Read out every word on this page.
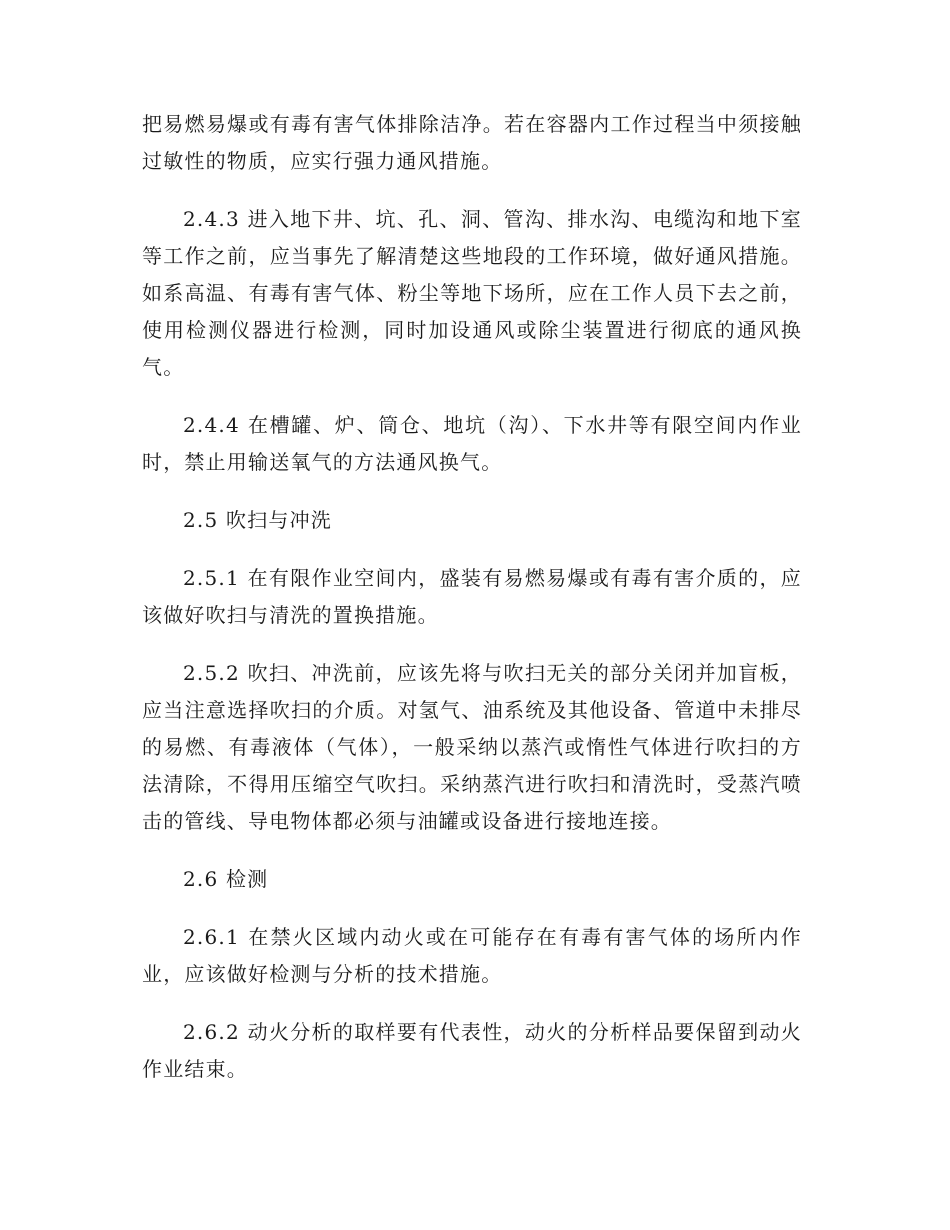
把易燃易爆或有毒有害气体排除洁净。若在容器内工作过程当中须接触过敏性的物质，应实行强力通风措施。

2.4.3 进入地下井、坑、孔、洞、管沟、排水沟、电缆沟和地下室等工作之前，应当事先了解清楚这些地段的工作环境，做好通风措施。如系高温、有毒有害气体、粉尘等地下场所，应在工作人员下去之前，使用检测仪器进行检测，同时加设通风或除尘装置进行彻底的通风换气。

2.4.4 在槽罐、炉、筒仓、地坑（沟）、下水井等有限空间内作业时，禁止用输送氧气的方法通风换气。

2.5 吹扫与冲洗

2.5.1 在有限作业空间内，盛装有易燃易爆或有毒有害介质的，应该做好吹扫与清洗的置换措施。

2.5.2 吹扫、冲洗前，应该先将与吹扫无关的部分关闭并加盲板，应当注意选择吹扫的介质。对氢气、油系统及其他设备、管道中未排尽的易燃、有毒液体（气体），一般采纳以蒸汽或惰性气体进行吹扫的方法清除，不得用压缩空气吹扫。采纳蒸汽进行吹扫和清洗时，受蒸汽喷击的管线、导电物体都必须与油罐或设备进行接地连接。

2.6 检测

2.6.1 在禁火区域内动火或在可能存在有毒有害气体的场所内作业，应该做好检测与分析的技术措施。

2.6.2 动火分析的取样要有代表性，动火的分析样品要保留到动火作业结束。
